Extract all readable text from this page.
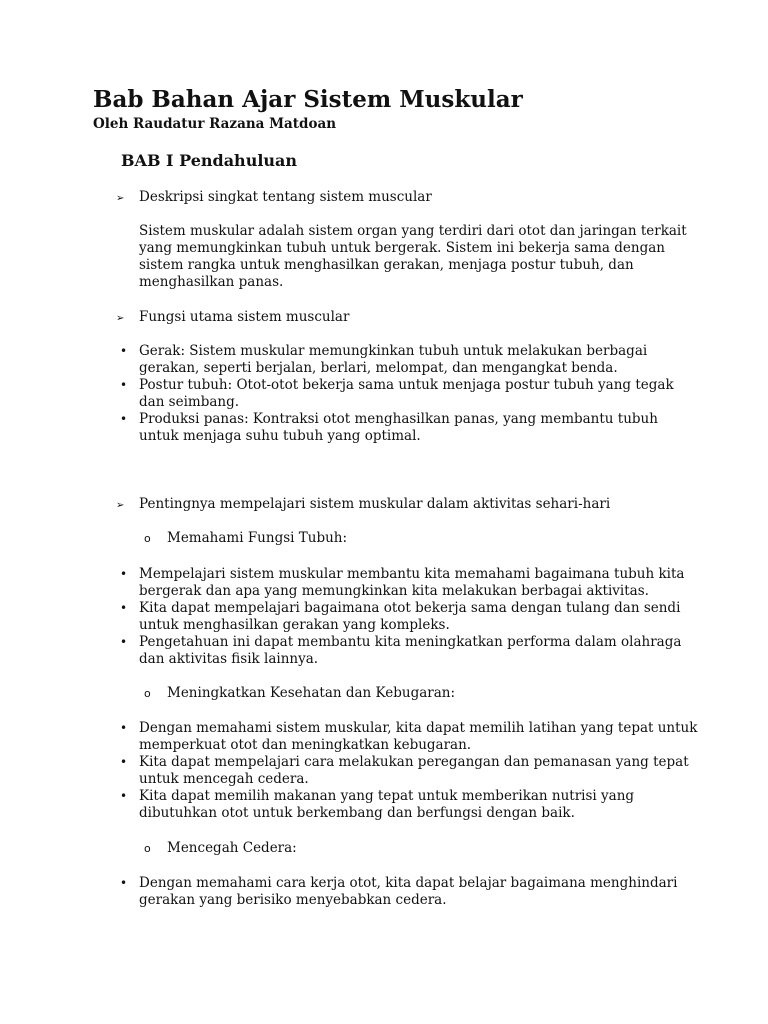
Bab Bahan Ajar Sistem Muskular
Oleh Raudatur Razana Matdoan
BAB I Pendahuluan
➢ Deskripsi singkat tentang sistem muscular
Sistem muskular adalah sistem organ yang terdiri dari otot dan jaringan terkait
yang memungkinkan tubuh untuk bergerak. Sistem ini bekerja sama dengan
sistem rangka untuk menghasilkan gerakan, menjaga postur tubuh, dan
menghasilkan panas.
➢ Fungsi utama sistem muscular
• Gerak: Sistem muskular memungkinkan tubuh untuk melakukan berbagai
gerakan, seperti berjalan, berlari, melompat, dan mengangkat benda.
• Postur tubuh: Otot-otot bekerja sama untuk menjaga postur tubuh yang tegak
dan seimbang.
• Produksi panas: Kontraksi otot menghasilkan panas, yang membantu tubuh
untuk menjaga suhu tubuh yang optimal.
➢ Pentingnya mempelajari sistem muskular dalam aktivitas sehari-hari
o Memahami Fungsi Tubuh:
• Mempelajari sistem muskular membantu kita memahami bagaimana tubuh kita
bergerak dan apa yang memungkinkan kita melakukan berbagai aktivitas.
• Kita dapat mempelajari bagaimana otot bekerja sama dengan tulang dan sendi
untuk menghasilkan gerakan yang kompleks.
• Pengetahuan ini dapat membantu kita meningkatkan performa dalam olahraga
dan aktivitas fisik lainnya.
o Meningkatkan Kesehatan dan Kebugaran:
• Dengan memahami sistem muskular, kita dapat memilih latihan yang tepat untuk
memperkuat otot dan meningkatkan kebugaran.
• Kita dapat mempelajari cara melakukan peregangan dan pemanasan yang tepat
untuk mencegah cedera.
• Kita dapat memilih makanan yang tepat untuk memberikan nutrisi yang
dibutuhkan otot untuk berkembang dan berfungsi dengan baik.
o Mencegah Cedera:
• Dengan memahami cara kerja otot, kita dapat belajar bagaimana menghindari
gerakan yang berisiko menyebabkan cedera.
